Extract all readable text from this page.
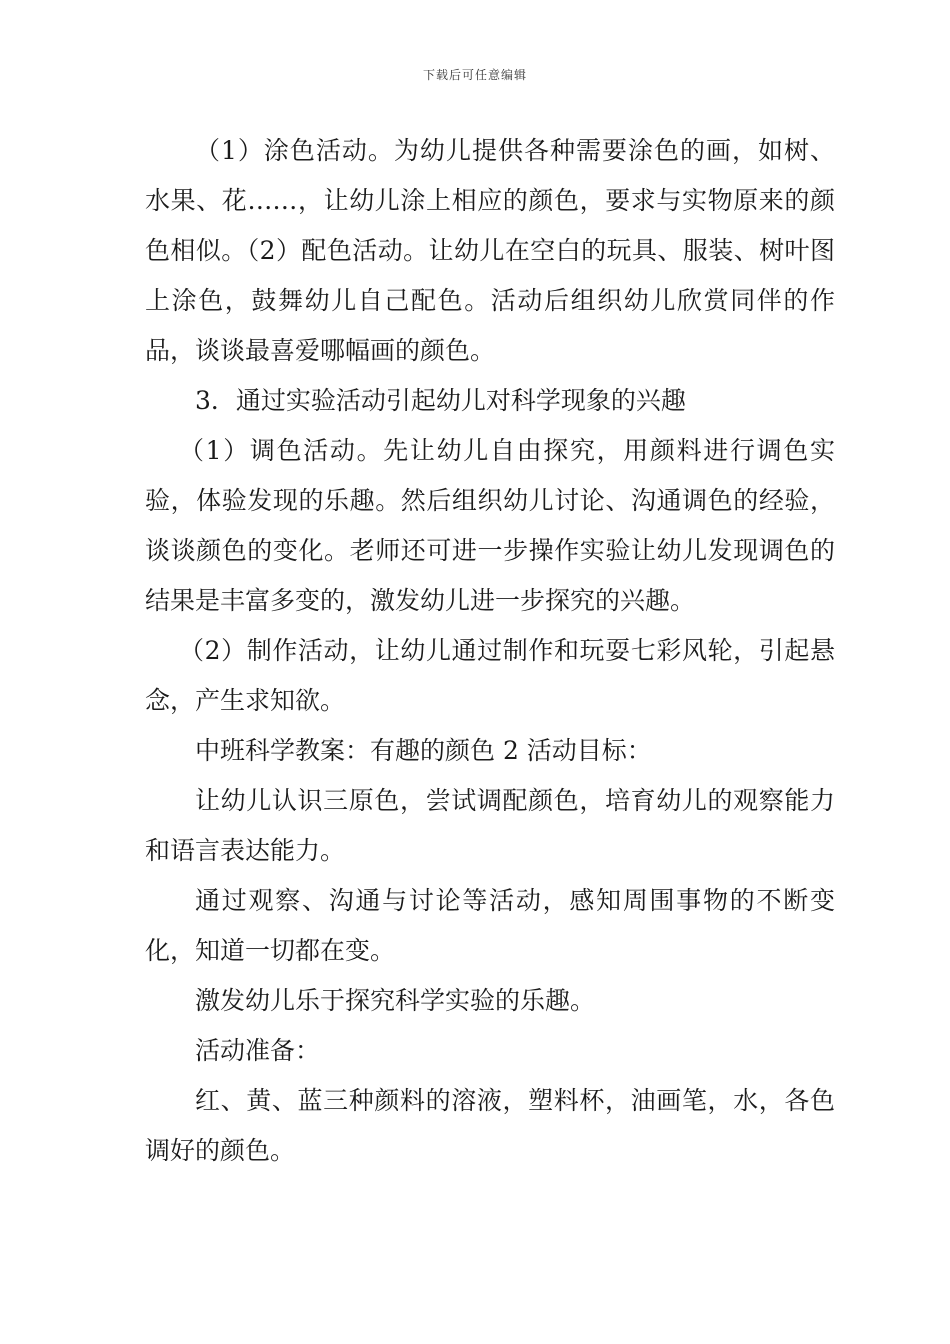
下载后可任意编辑

（1）涂色活动。为幼儿提供各种需要涂色的画，如树、水果、花……，让幼儿涂上相应的颜色，要求与实物原来的颜色相似。（2）配色活动。让幼儿在空白的玩具、服装、树叶图上涂色，鼓舞幼儿自己配色。活动后组织幼儿欣赏同伴的作品，谈谈最喜爱哪幅画的颜色。

3．通过实验活动引起幼儿对科学现象的兴趣

（1）调色活动。先让幼儿自由探究，用颜料进行调色实验，体验发现的乐趣。然后组织幼儿讨论、沟通调色的经验，谈谈颜色的变化。老师还可进一步操作实验让幼儿发现调色的结果是丰富多变的，激发幼儿进一步探究的兴趣。

（2）制作活动，让幼儿通过制作和玩耍七彩风轮，引起悬念，产生求知欲。

中班科学教案：有趣的颜色 2 活动目标：

让幼儿认识三原色，尝试调配颜色，培育幼儿的观察能力和语言表达能力。

通过观察、沟通与讨论等活动，感知周围事物的不断变化，知道一切都在变。

激发幼儿乐于探究科学实验的乐趣。

活动准备：

红、黄、蓝三种颜料的溶液，塑料杯，油画笔，水，各色调好的颜色。
